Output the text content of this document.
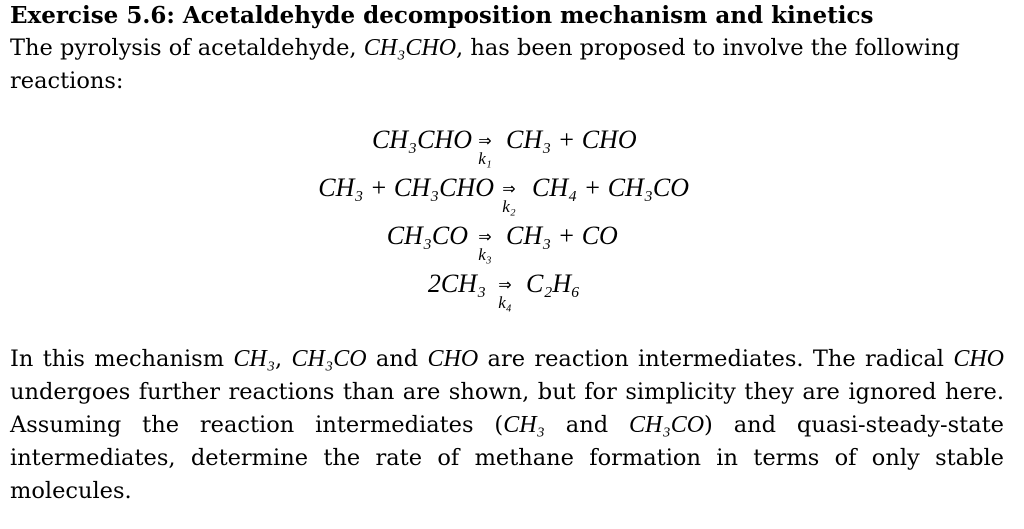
Exercise 5.6: Acetaldehyde decomposition mechanism and kinetics

The pyrolysis of acetaldehyde, CH₃CHO, has been proposed to involve the following reactions:

CH₃CHO ⇒
k₁
CH₃ + CHO
CH₃ + CH₃CHO ⇒
k₂
CH₄ + CH₃CO
CH₃CO ⇒
k₃
CH₃ + CO
2CH₃ ⇒
k₄
C₂H₆

In this mechanism CH₃, CH₃CO and CHO are reaction intermediates. The radical CHO undergoes further reactions than are shown, but for simplicity they are ignored here. Assuming the reaction intermediates (CH₃ and CH₃CO) and quasi-steady-state intermediates, determine the rate of methane formation in terms of only stable molecules.
